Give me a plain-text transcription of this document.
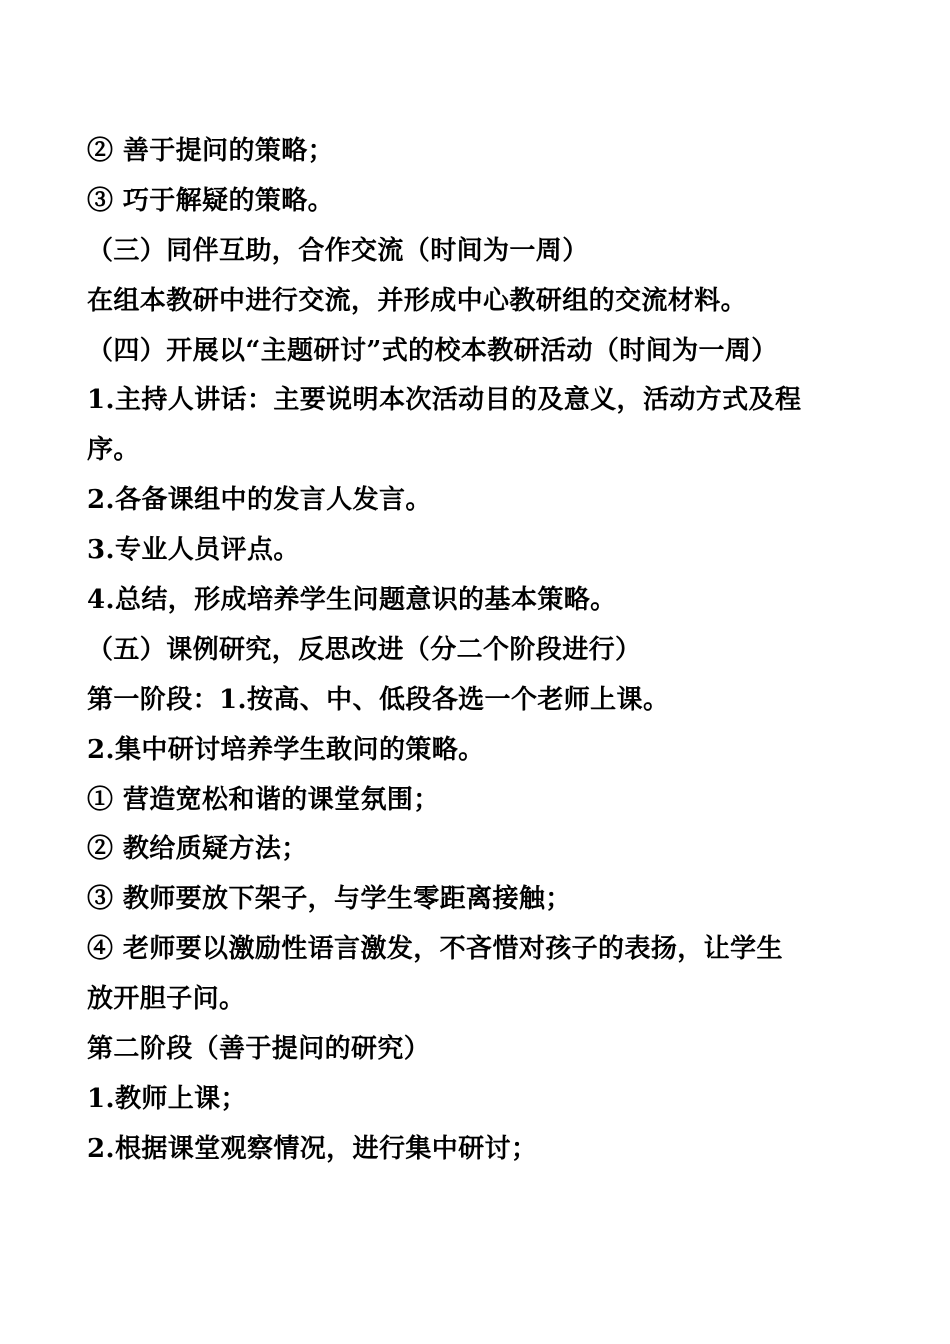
② 善于提问的策略；
③ 巧于解疑的策略。
（三）同伴互助，合作交流（时间为一周）
在组本教研中进行交流，并形成中心教研组的交流材料。
（四）开展以“主题研讨”式的校本教研活动（时间为一周）
1.主持人讲话：主要说明本次活动目的及意义，活动方式及程
序。
2.各备课组中的发言人发言。
3.专业人员评点。
4.总结，形成培养学生问题意识的基本策略。
（五）课例研究，反思改进（分二个阶段进行）
第一阶段：1.按高、中、低段各选一个老师上课。
2.集中研讨培养学生敢问的策略。
① 营造宽松和谐的课堂氛围；
② 教给质疑方法；
③ 教师要放下架子，与学生零距离接触；
④ 老师要以激励性语言激发，不吝惜对孩子的表扬，让学生
放开胆子问。
第二阶段（善于提问的研究）
1.教师上课；
2.根据课堂观察情况，进行集中研讨；
